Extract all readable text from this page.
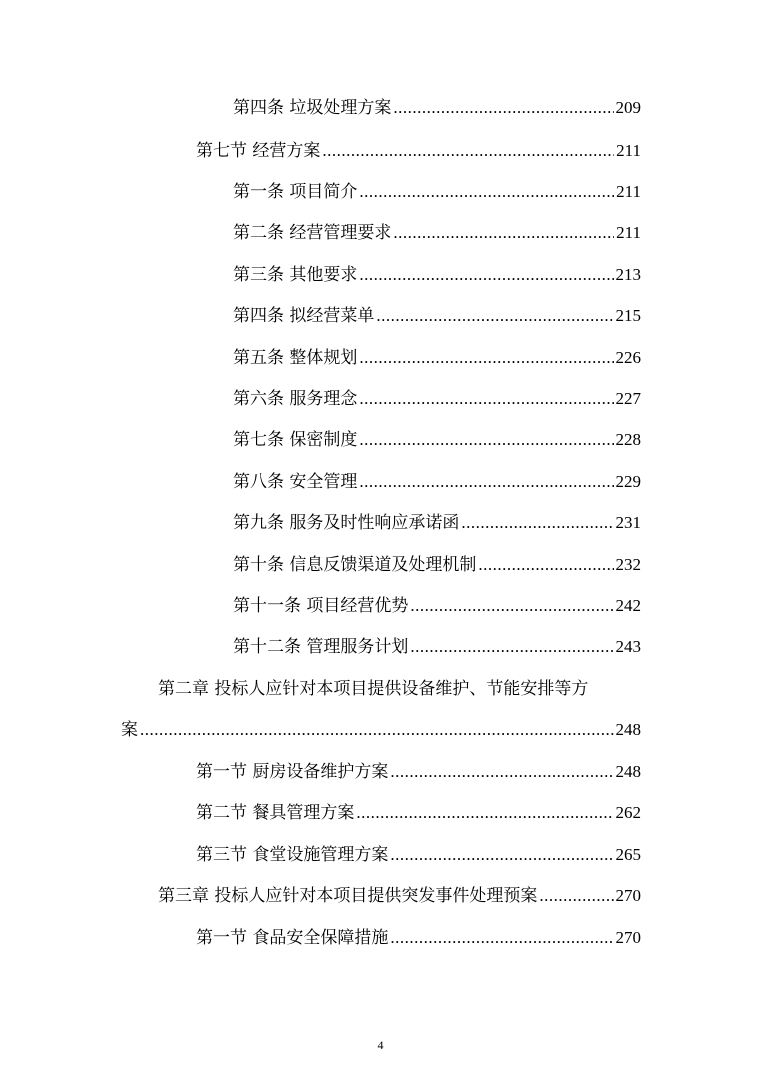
第四条 垃圾处理方案 .....	209
第七节 经营方案 .....	211
第一条 项目简介 .....	211
第二条 经营管理要求 .....	211
第三条 其他要求 .....	213
第四条 拟经营菜单 .....	215
第五条 整体规划 .....	226
第六条 服务理念 .....	227
第七条 保密制度 .....	228
第八条 安全管理 .....	229
第九条 服务及时性响应承诺函 .....	231
第十条 信息反馈渠道及处理机制 .....	232
第十一条 项目经营优势 .....	242
第十二条 管理服务计划 .....	243
第二章 投标人应针对本项目提供设备维护、节能安排等方
案 .....	248
第一节 厨房设备维护方案 .....	248
第二节 餐具管理方案 .....	262
第三节 食堂设施管理方案 .....	265
第三章 投标人应针对本项目提供突发事件处理预案 .....	270
第一节 食品安全保障措施 .....	270
4
